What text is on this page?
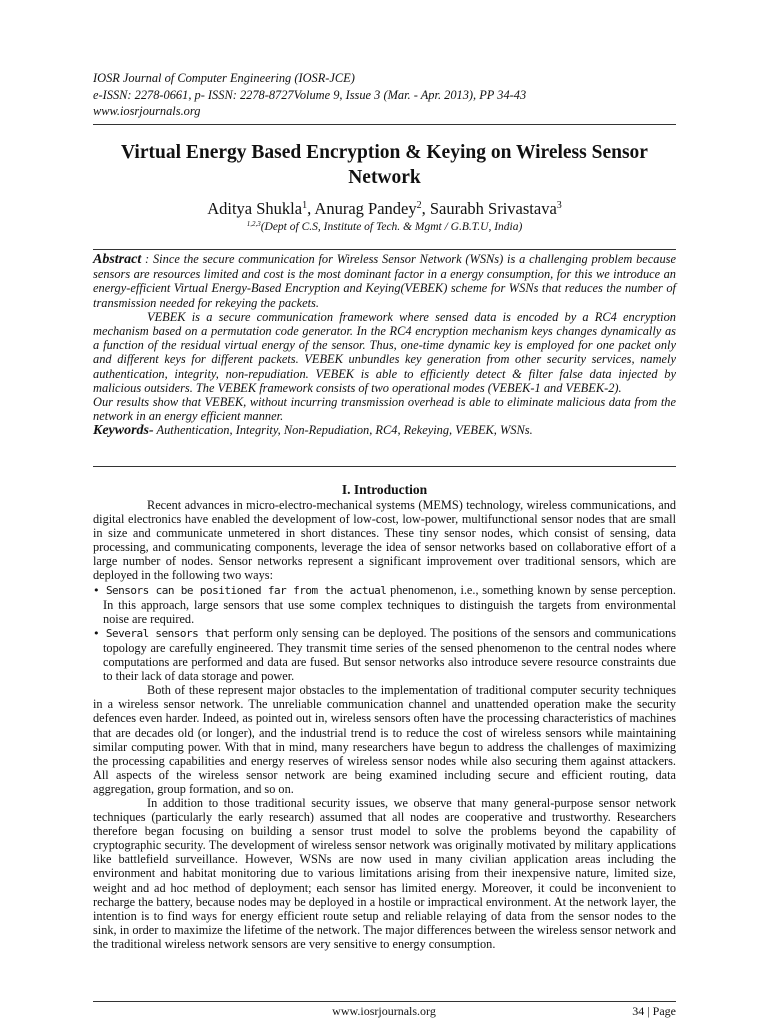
IOSR Journal of Computer Engineering (IOSR-JCE)
e-ISSN: 2278-0661, p- ISSN: 2278-8727Volume 9, Issue 3 (Mar. - Apr. 2013), PP 34-43
www.iosrjournals.org
Virtual Energy Based Encryption & Keying on Wireless Sensor Network
Aditya Shukla$^1$, Anurag Pandey$^2$, Saurabh Srivastava$^3$
$^{1,2,3}$(Dept of C.S, Institute of Tech. & Mgmt / G.B.T.U, India)

Abstract : Since the secure communication for Wireless Sensor Network (WSNs) is a challenging problem because sensors are resources limited and cost is the most dominant factor in a energy consumption, for this we introduce an energy-efficient Virtual Energy-Based Encryption and Keying(VEBEK) scheme for WSNs that reduces the number of transmission needed for rekeying the packets.

VEBEK is a secure communication framework where sensed data is encoded by a RC4 encryption mechanism based on a permutation code generator. In the RC4 encryption mechanism keys changes dynamically as a function of the residual virtual energy of the sensor. Thus, one-time dynamic key is employed for one packet only and different keys for different packets. VEBEK unbundles key generation from other security services, namely authentication, integrity, non-repudiation. VEBEK is able to efficiently detect & filter false data injected by malicious outsiders. The VEBEK framework consists of two operational modes (VEBEK-1 and VEBEK-2).

Our results show that VEBEK, without incurring transmission overhead is able to eliminate malicious data from the network in an energy efficient manner.

Keywords- Authentication, Integrity, Non-Repudiation, RC4, Rekeying, VEBEK, WSNs.

I. Introduction

Recent advances in micro-electro-mechanical systems (MEMS) technology, wireless communications, and digital electronics have enabled the development of low-cost, low-power, multifunctional sensor nodes that are small in size and communicate unmetered in short distances. These tiny sensor nodes, which consist of sensing, data processing, and communicating components, leverage the idea of sensor networks based on collaborative effort of a large number of nodes. Sensor networks represent a significant improvement over traditional sensors, which are deployed in the following two ways:

• Sensors can be positioned far from the actual phenomenon, i.e., something known by sense perception. In this approach, large sensors that use some complex techniques to distinguish the targets from environmental noise are required.

• Several sensors that perform only sensing can be deployed. The positions of the sensors and communications topology are carefully engineered. They transmit time series of the sensed phenomenon to the central nodes where computations are performed and data are fused. But sensor networks also introduce severe resource constraints due to their lack of data storage and power.

Both of these represent major obstacles to the implementation of traditional computer security techniques in a wireless sensor network. The unreliable communication channel and unattended operation make the security defences even harder. Indeed, as pointed out in, wireless sensors often have the processing characteristics of machines that are decades old (or longer), and the industrial trend is to reduce the cost of wireless sensors while maintaining similar computing power. With that in mind, many researchers have begun to address the challenges of maximizing the processing capabilities and energy reserves of wireless sensor nodes while also securing them against attackers. All aspects of the wireless sensor network are being examined including secure and efficient routing, data aggregation, group formation, and so on.

In addition to those traditional security issues, we observe that many general-purpose sensor network techniques (particularly the early research) assumed that all nodes are cooperative and trustworthy. Researchers therefore began focusing on building a sensor trust model to solve the problems beyond the capability of cryptographic security. The development of wireless sensor network was originally motivated by military applications like battlefield surveillance. However, WSNs are now used in many civilian application areas including the environment and habitat monitoring due to various limitations arising from their inexpensive nature, limited size, weight and ad hoc method of deployment; each sensor has limited energy. Moreover, it could be inconvenient to recharge the battery, because nodes may be deployed in a hostile or impractical environment. At the network layer, the intention is to find ways for energy efficient route setup and reliable relaying of data from the sensor nodes to the sink, in order to maximize the lifetime of the network. The major differences between the wireless sensor network and the traditional wireless network sensors are very sensitive to energy consumption.

www.iosrjournals.org	34 | Page
